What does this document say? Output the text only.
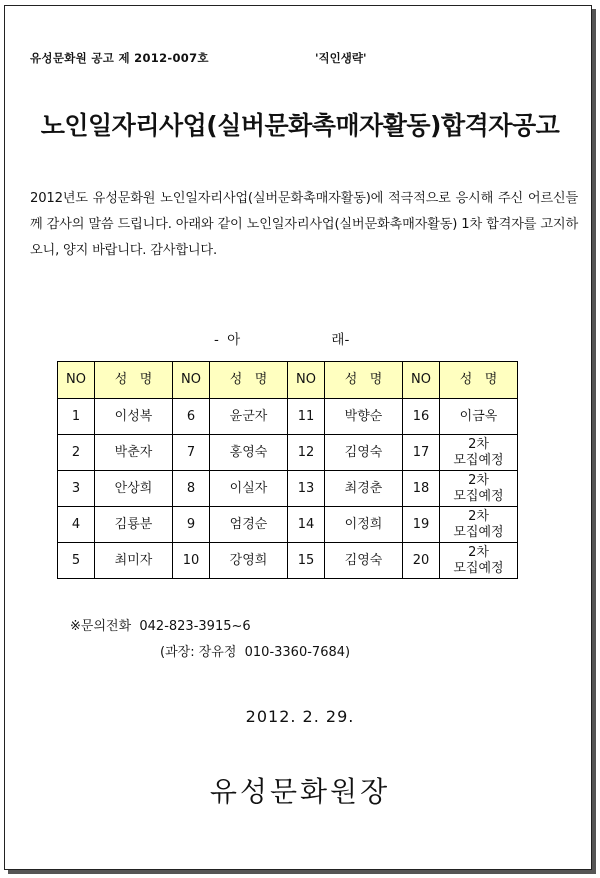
유성문화원 공고 제 2012-007호	'직인생략'
노인일자리사업(실버문화촉매자활동)합격자공고
2012년도 유성문화원 노인일자리사업(실버문화촉매자활동)에 적극적으로 응시해 주신 어르신들께 감사의 말씀 드립니다. 아래와 같이 노인일자리사업(실버문화촉매자활동) 1차 합격자를 고지하오니, 양지 바랍니다. 감사합니다.
- 아           래-
NO	성   명	NO	성   명	NO	성   명	NO	성   명
1	이성복	6	윤군자	11	박향순	16	이금옥
2	박춘자	7	홍영숙	12	김영숙	17	2차
모집예정
3	안상희	8	이실자	13	최경춘	18	2차
모집예정
4	김룡분	9	엄경순	14	이정희	19	2차
모집예정
5	최미자	10	강영희	15	김영숙	20	2차
모집예정
※문의전화  042-823-3915~6
(과장: 장유정  010-3360-7684)
2012. 2. 29.
유성문화원장
